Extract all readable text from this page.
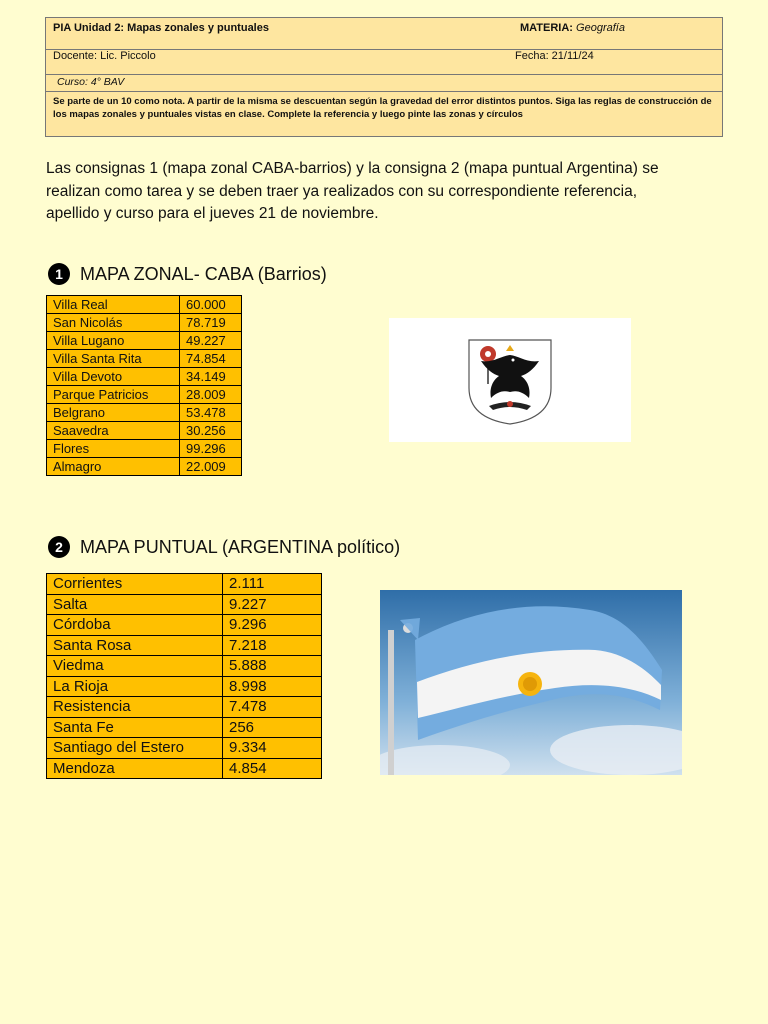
PIA Unidad 2: Mapas zonales y puntuales	MATERIA: Geografía
Docente: Lic. Piccolo	Fecha: 21/11/24
Curso: 4° BAV
Se parte de un 10 como nota. A partir de la misma se descuentan según la gravedad del error distintos puntos. Siga las reglas de construcción de los mapas zonales y puntuales vistas en clase. Complete la referencia y luego pinte las zonas y círculos
Las consignas 1 (mapa zonal CABA-barrios) y la consigna 2 (mapa puntual Argentina) se realizan como tarea y se deben traer ya realizados con su correspondiente referencia, apellido y curso para el jueves 21 de noviembre.
1 MAPA ZONAL- CABA (Barrios)
Villa Real	60.000
San Nicolás	78.719
Villa Lugano	49.227
Villa Santa Rita	74.854
Villa Devoto	34.149
Parque Patricios	28.009
Belgrano	53.478
Saavedra	30.256
Flores	99.296
Almagro	22.009
2 MAPA PUNTUAL (ARGENTINA político)
Corrientes	2.111
Salta	9.227
Córdoba	9.296
Santa Rosa	7.218
Viedma	5.888
La Rioja	8.998
Resistencia	7.478
Santa Fe	256
Santiago del Estero	9.334
Mendoza	4.854
